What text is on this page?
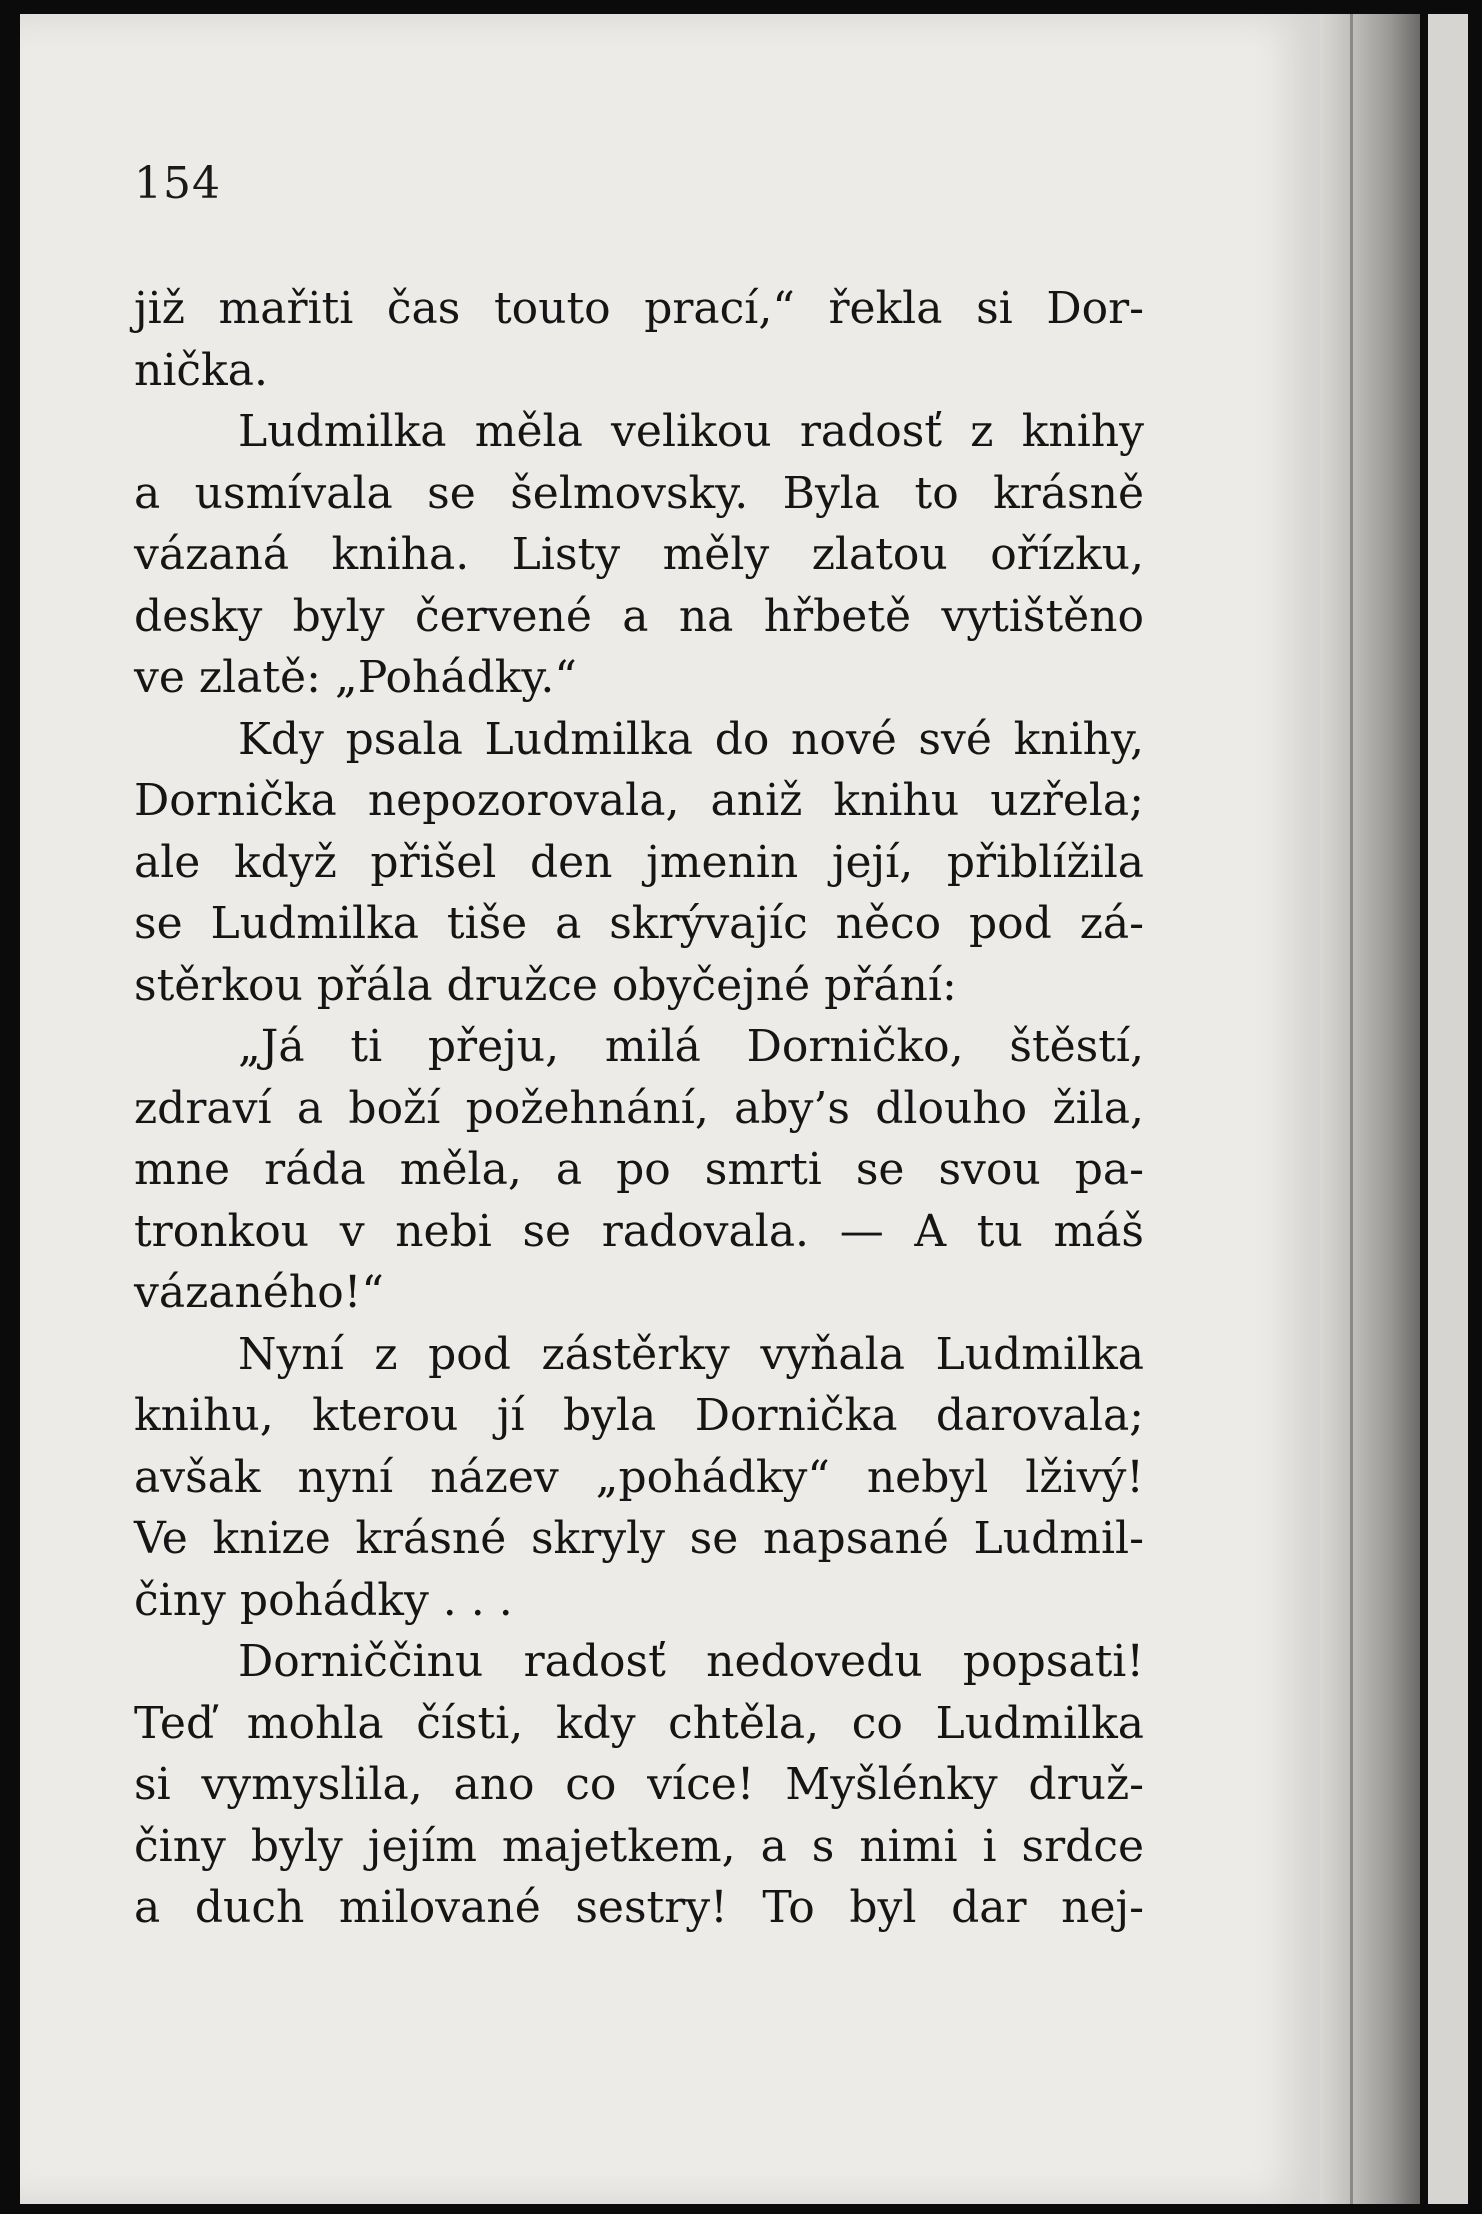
154
již mařiti čas touto prací,“ řekla si Dor-
nička.
Ludmilka měla velikou radosť z knihy
a usmívala se šelmovsky. Byla to krásně
vázaná kniha. Listy měly zlatou ořízku,
desky byly červené a na hřbetě vytištěno
ve zlatě: „Pohádky.“
Kdy psala Ludmilka do nové své knihy,
Dornička nepozorovala, aniž knihu uzřela;
ale když přišel den jmenin její, přiblížila
se Ludmilka tiše a skrývajíc něco pod zá-
stěrkou přála družce obyčejné přání:
„Já ti přeju, milá Dorničko, štěstí,
zdraví a boží požehnání, aby’s dlouho žila,
mne ráda měla, a po smrti se svou pa-
tronkou v nebi se radovala. — A tu máš
vázaného!“
Nyní z pod zástěrky vyňala Ludmilka
knihu, kterou jí byla Dornička darovala;
avšak nyní název „pohádky“ nebyl lživý!
Ve knize krásné skryly se napsané Ludmil-
činy pohádky . . .
Dorniččinu radosť nedovedu popsati!
Teď mohla čísti, kdy chtěla, co Ludmilka
si vymyslila, ano co více! Myšlénky druž-
činy byly jejím majetkem, a s nimi i srdce
a duch milované sestry! To byl dar nej-
